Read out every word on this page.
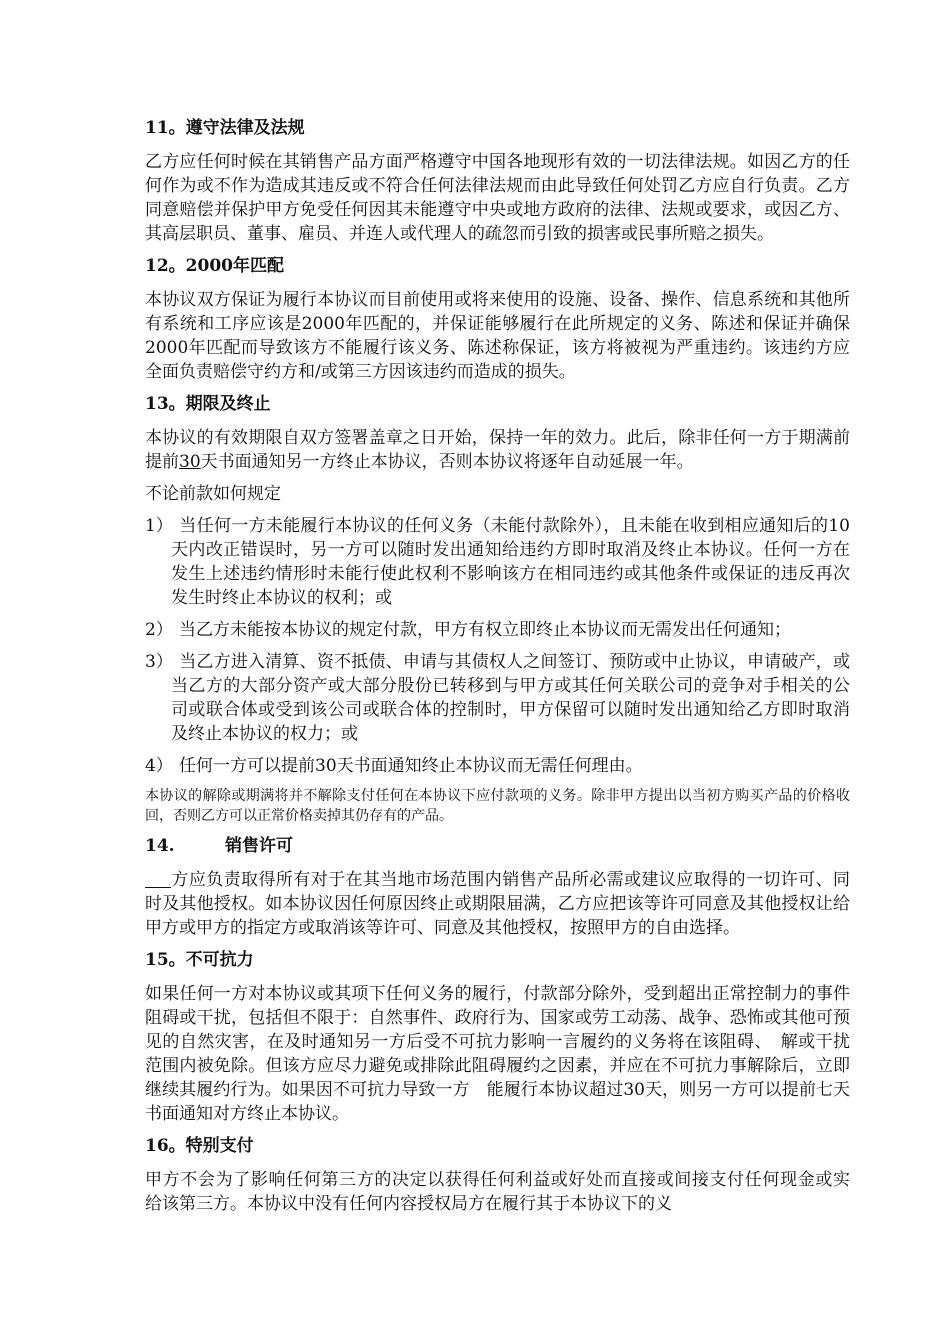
11。遵守法律及法规

乙方应任何时候在其销售产品方面严格遵守中国各地现形有效的一切法律法规。如因乙方的任何作为或不作为造成其违反或不符合任何法律法规而由此导致任何处罚乙方应自行负责。乙方同意赔偿并保护甲方免受任何因其未能遵守中央或地方政府的法律、法规或要求，或因乙方、其高层职员、董事、雇员、并连人或代理人的疏忽而引致的损害或民事所赔之损失。

12。2000年匹配

本协议双方保证为履行本协议而目前使用或将来使用的设施、设备、操作、信息系统和其他所有系统和工序应该是2000年匹配的，并保证能够履行在此所规定的义务、陈述和保证并确保2000年匹配而导致该方不能履行该义务、陈述称保证，该方将被视为严重违约。该违约方应全面负责赔偿守约方和/或第三方因该违约而造成的损失。

13。期限及终止

本协议的有效期限自双方签署盖章之日开始，保持一年的效力。此后，除非任何一方于期满前提前30天书面通知另一方终止本协议，否则本协议将逐年自动延展一年。

不论前款如何规定

1） 当任何一方未能履行本协议的任何义务（未能付款除外），且未能在收到相应通知后的10天内改正错误时，另一方可以随时发出通知给违约方即时取消及终止本协议。任何一方在发生上述违约情形时未能行使此权利不影响该方在相同违约或其他条件或保证的违反再次发生时终止本协议的权利；或
2） 当乙方未能按本协议的规定付款，甲方有权立即终止本协议而无需发出任何通知；
3） 当乙方进入清算、资不抵债、申请与其债权人之间签订、预防或中止协议，申请破产，或当乙方的大部分资产或大部分股份已转移到与甲方或其任何关联公司的竞争对手相关的公司或联合体或受到该公司或联合体的控制时，甲方保留可以随时发出通知给乙方即时取消及终止本协议的权力；或
4） 任何一方可以提前30天书面通知终止本协议而无需任何理由。

本协议的解除或期满将并不解除支付任何在本协议下应付款项的义务。除非甲方提出以当初方购买产品的价格收回，否则乙方可以正常价格卖掉其仍存有的产品。

14.	销售许可

方应负责取得所有对于在其当地市场范围内销售产品所必需或建议应取得的一切许可、同时及其他授权。如本协议因任何原因终止或期限届满，乙方应把该等许可同意及其他授权让给甲方或甲方的指定方或取消该等许可、同意及其他授权，按照甲方的自由选择。

15。不可抗力

如果任何一方对本协议或其项下任何义务的履行，付款部分除外，受到超出正常控制力的事件阻碍或干扰，包括但不限于：自然事件、政府行为、国家或劳工动荡、战争、恐怖或其他可预见的自然灾害，在及时通知另一方后受不可抗力影响一言履约的义务将在该阻碍、　解或干扰范围内被免除。但该方应尽力避免或排除此阻碍履约之因素，并应在不可抗力事解除后，立即继续其履约行为。如果因不可抗力导致一方　能履行本协议超过30天，则另一方可以提前七天书面通知对方终止本协议。

16。特别支付

甲方不会为了影响任何第三方的决定以获得任何利益或好处而直接或间接支付任何现金或实　　给该第三方。本协议中没有任何内容授权局方在履行其于本协议下的义
